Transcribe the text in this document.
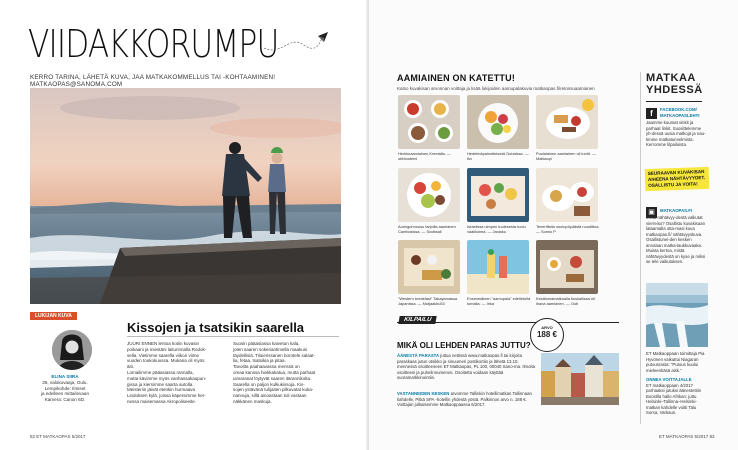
VIIDAKKORUMPU
KERRO TARINA, LÄHETÄ KUVA, JAA MATKAKOMMELLUS TAI -KOHTAAMINEN! MATKAOPAS@SANOMA.COM
LUKIJAN KUVA
Kissojen ja tsatsikin saarella
ELINA SIIRA
36, valokuvaaja, Oulu.
Lempikohde: Ilmiset
ja edelleen mittailevaan
Kamera: Canon 6D.
JUURI ENNEN lentoa kotiin kuvasin
poikaani ja miestäni laiturinnalla Rodok-
sella. Vietimme saarella viikon viime
vuoden toukokuussa. Mukana oli myös
äiti.
Lomailimme pääasiassa rannalla,
mutta kävimme myös vanhassakaupun-
gissa ja kiersimme saarta autolla.
Meisteriin jäivät etenkin hurmaava
Lindoksen kylä, joissa käpersimme her-
nessa maisemassa Akropoliseeite.
Suosin pääasiassa kaivetun kala,
joten saaren sokeriantimella maakuni
täydellisiä. Tiluierissanen borotele salaat-
lia, fetaa, tsatsikia ja pitaa.
Tavoitta paahaavassa merissä on
omaa kanssa hiekkakatua, mutta parhaat
uimaranat löytyvät saaren itärannikolta.
Saarella on paljon kulkukissoja. Kis-
sojen ystävänä tulijaiten pilkuvatat kuka-
nannuja, sillä ainoastaan tuli vastaan
näkkänen maskuja.
82 ET MATKAOPAS 5/2017
AAMIAINEN ON KATETTU!
Katso kuvakisan arvonnan voittaja ja lisää lukijoiden aamupalakuvia matkaopas.fi/retossuaamianen
Herkkuaamiainen Kreetalla. — obbtootemi
Hedelmäpainotteisesti Dubaissa. — Ikx
Puolalainen aamiainen oli tuntit. — Matkaopl
Auringonnousu tarjoilla aamianen Cambosissa. — Scuttaall
Israelissa nimpen tuulesesta tuolu vaalikoima. — Janiaku
Teneriffalla noutopöydästä noudittua. — Sonno P
"Western breakfast" Takayamassa Japanissa. — Mutjaakku53
Ensimmäinen "aamupala" edelletulta tomalla. — Inka
Kesälomamatkoalla tiuskallissa oli ihana aamianen. — Outi
KILPAILU
ARVO
188 €
MIKÄ OLI LEHDEN PARAS JUTTU?
ÄÄNESTÄ PARASTA juttua nettissä www.matkaopas.fi tai kirjoita paraskaas jutun otsikko ja sinuumeri postikortiin ja lähetä 13.10. mennessä osoitteeseen ET Matkaopas, PL 100, 00040 Sano-ma. Ilmoita osoitteesi ja puhelinnumerosi. Osoitetta voidaan käyttää suoramarkkinointiin.
VASTANNEIDEN KESKEN arvomme Tallinkin hotellimatkan Tallinnaan kahdelle, Pitkä SPA -hotellin yhdestä yöstä. Palkinnon arvo n. 188 €. Voittajan julkaisemme Matkaoppaassa 6/2017.
MATKAA
YHDESSÄ
f	FACEBOOK.COM/ MATKAOPASLEHTI
Jaamme kuumat vinkit ja parhaat linkit. Suosittelemme yh-dessä uusia matkoja ja nau-timme matkatunnelmista. Kerromme lilpailuista.
SEURAAVAN KUVAKISAN AIHEENA NÄHTÄVYYDET. OSALLISTU JA VOITA!
▣	MATKAOPAS.FI
Mistä nähtävyy-destä valkutat vierreiso? Osallistu kuvakisaan lataamalla otta-masi kuva matkaopas.fi/ nähtävyyskuva. Osallistunei-den kesken arvotaan matka-laukkuvaaka. Muista kertoa, mistä nähtävyydestä on kyse ja miksi se teki vaikutuksen.
ET Matkaoppaan toimittaja Pia Hyvönen vaikuttui Niagaran putousrasta: "Putous kuului mieleenkäsä aisk."
ONNEA VOITTAJALLE
ET matkaoppaan 4/2017 parhaaksi jutuksi äänestettiin Boostlla hallo Afrikan: juttu Helsinki–Tallinna–Helsinki-matkan kahdelle voitti Talu Sorsa, Varkaus.
ET MATKAOPAS 5/2017 83
